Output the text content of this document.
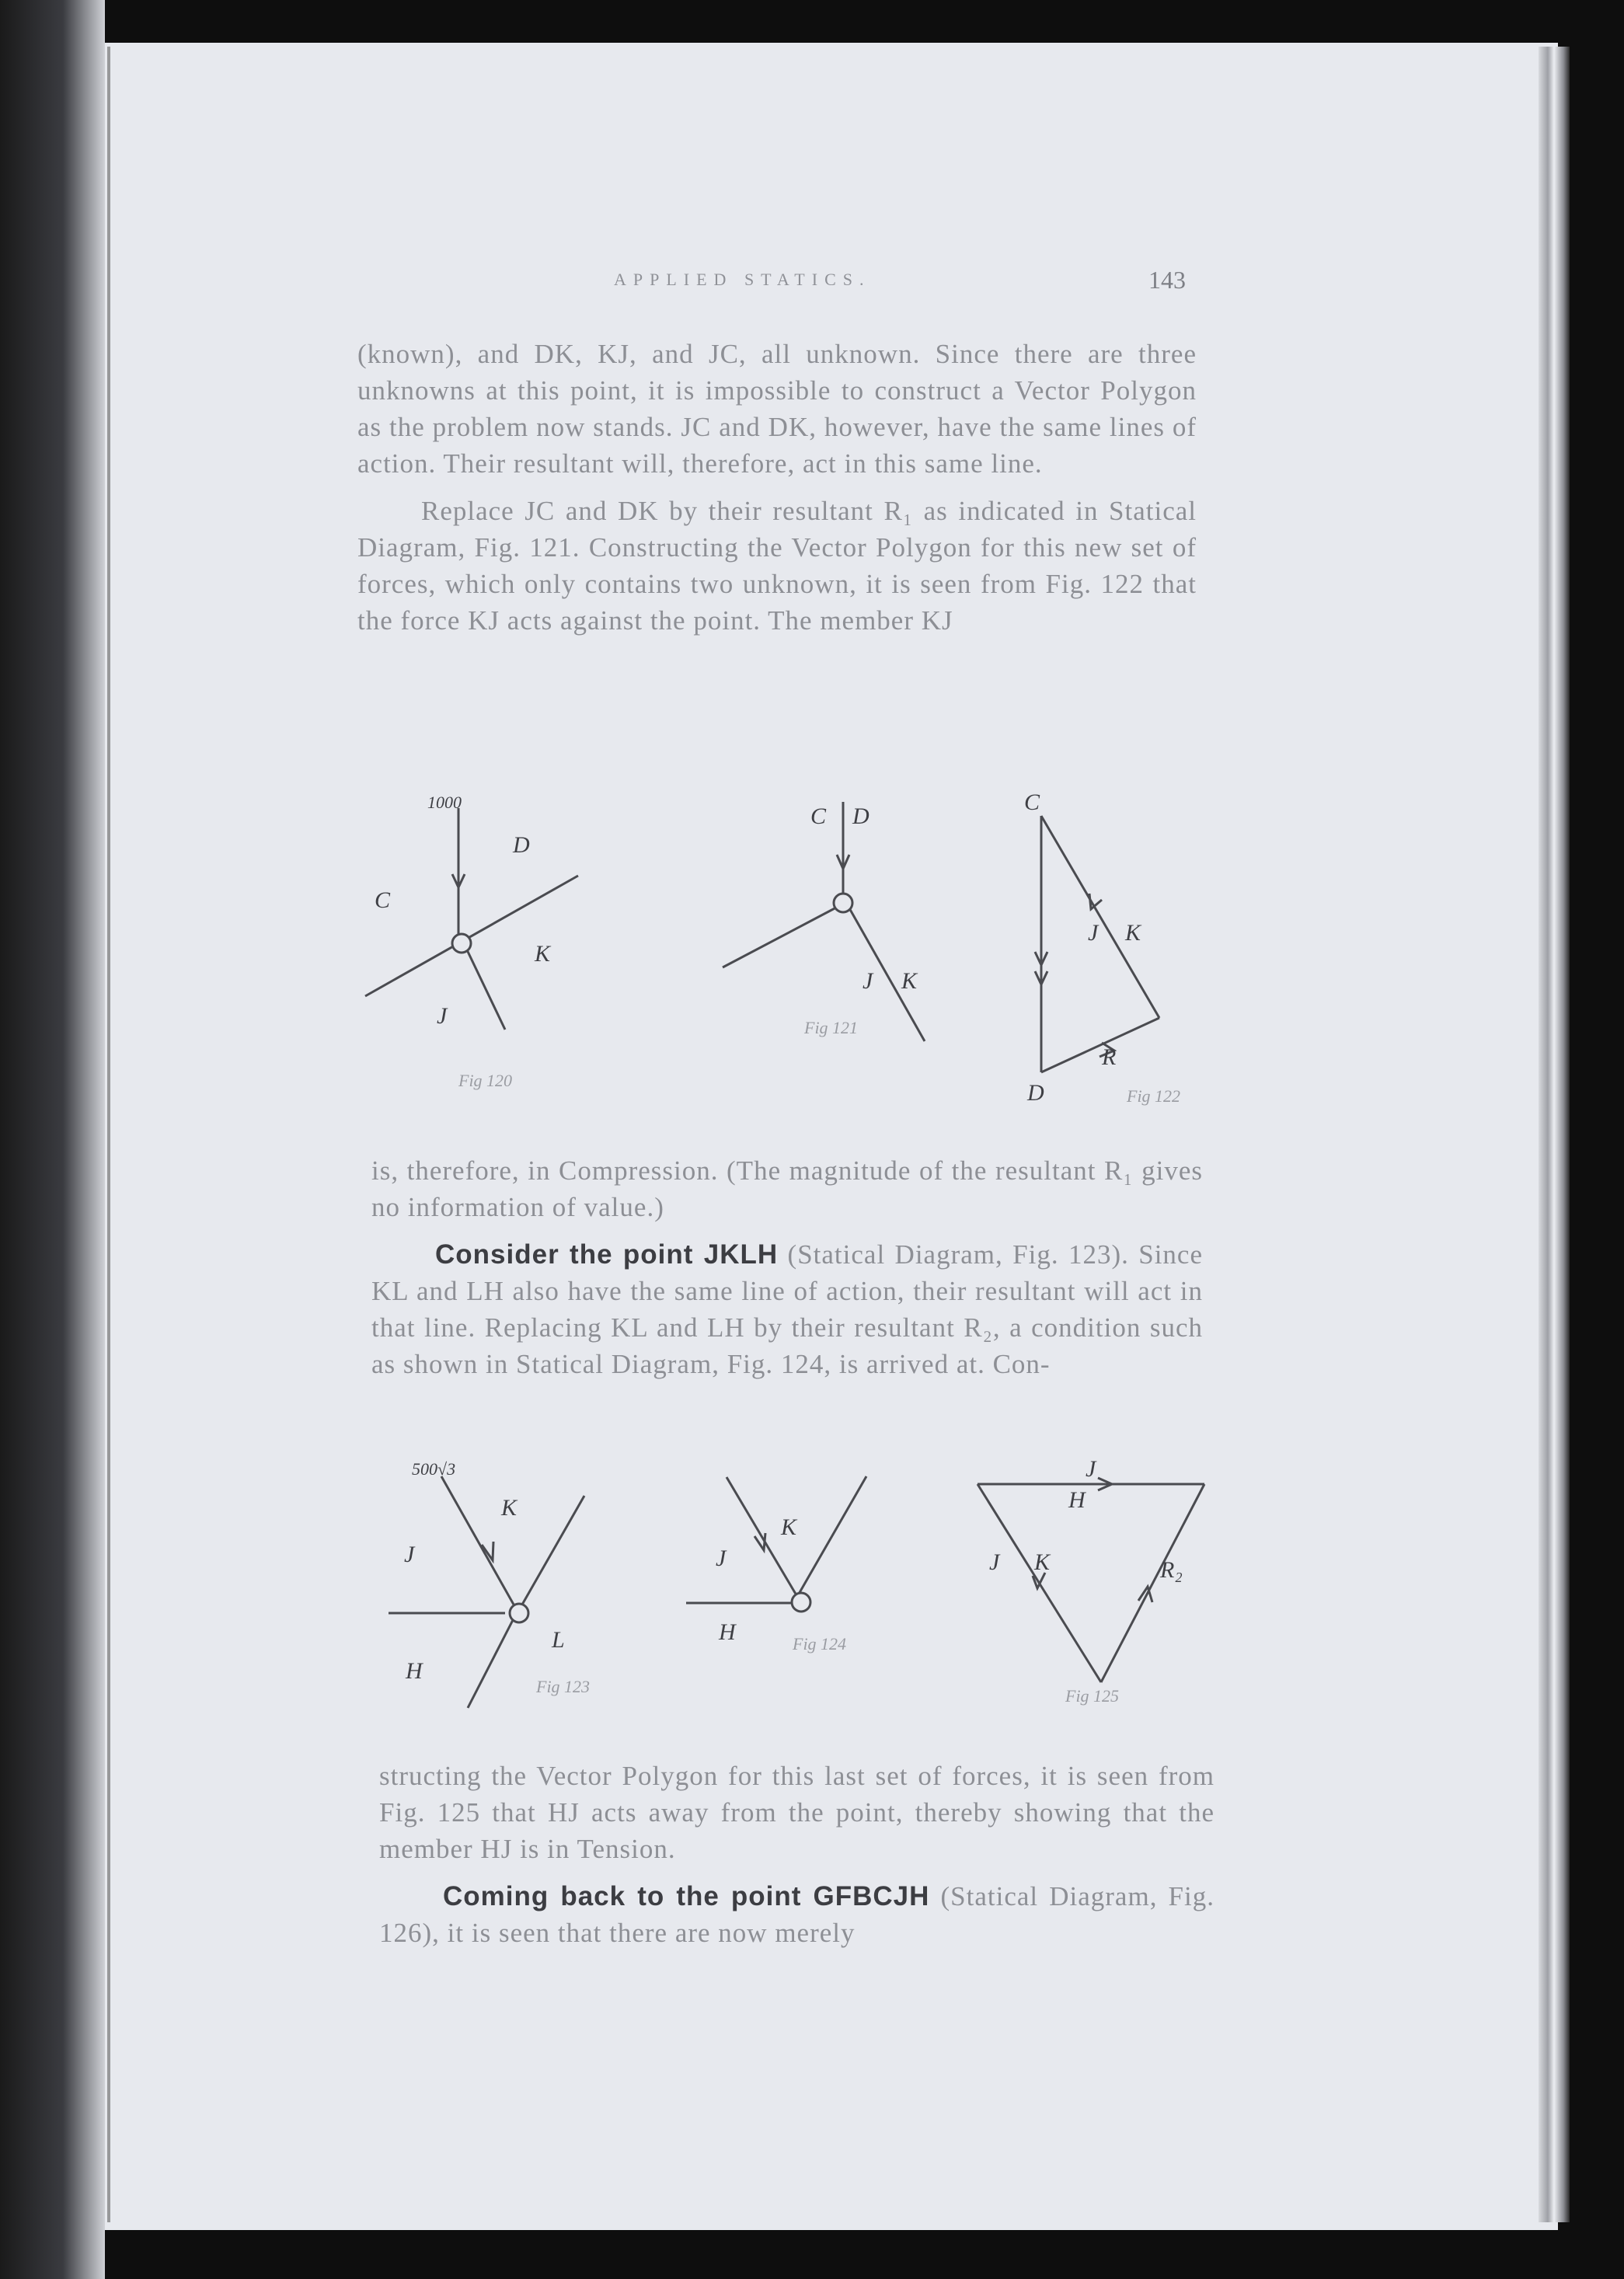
APPLIED STATICS.	143

(known), and DK, KJ, and JC, all unknown. Since there are three unknowns at this point, it is impossible to construct a Vector Polygon as the problem now stands. JC and DK, however, have the same lines of action. Their resultant will, therefore, act in this same line.

Replace JC and DK by their resultant R₁ as indicated in Statical Diagram, Fig. 121. Constructing the Vector Polygon for this new set of forces, which only contains two unknown, it is seen from Fig. 122 that the force KJ acts against the point. The member KJ

1000
C
D
K
J
Fig 120
C D
J K
Fig 121
C
J K
R
D	Fig 122

is, therefore, in Compression. (The magnitude of the resultant R₁ gives no information of value.)

Consider the point JKLH (Statical Diagram, Fig. 123). Since KL and LH also have the same line of action, their resultant will act in that line. Replacing KL and LH by their resultant R₂, a condition such as shown in Statical Diagram, Fig. 124, is arrived at. Con-

500√3
K
J
L
H
Fig 123
K
J
H	Fig 124
J
H
J K	R₂
Fig 125

structing the Vector Polygon for this last set of forces, it is seen from Fig. 125 that HJ acts away from the point, thereby showing that the member HJ is in Tension.

Coming back to the point GFBCJH (Statical Diagram, Fig. 126), it is seen that there are now merely
